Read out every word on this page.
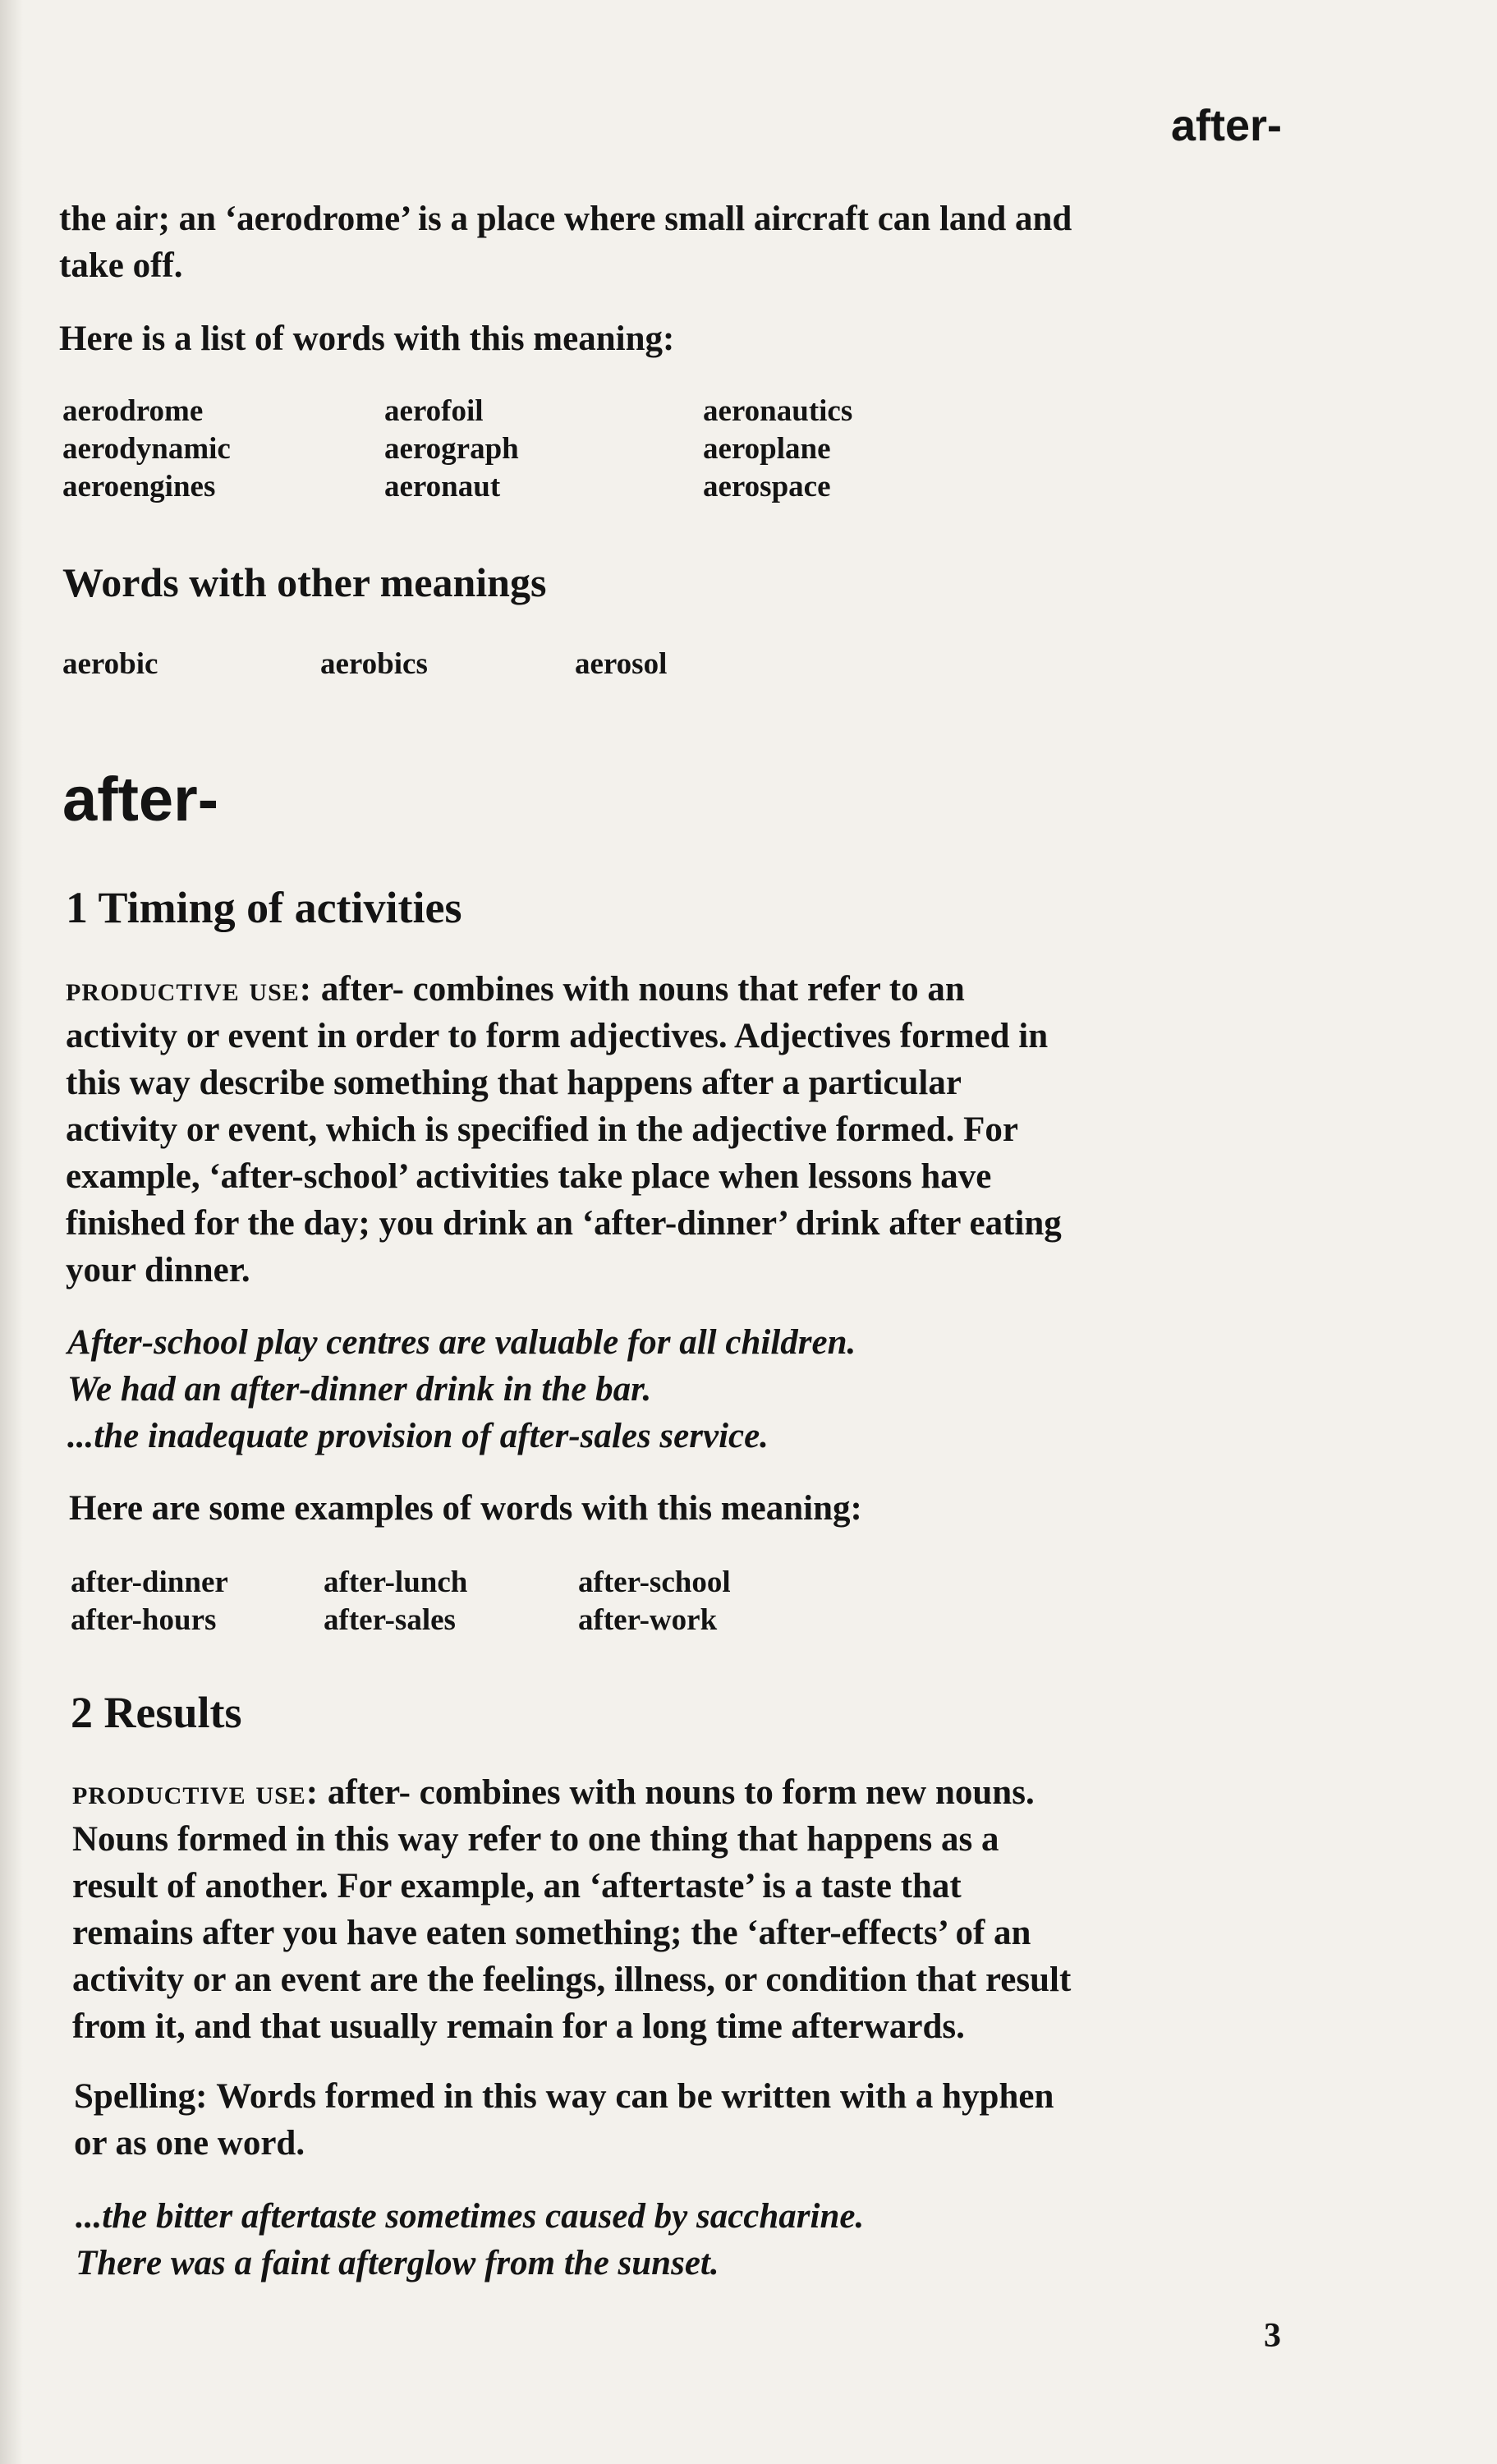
after-
the air; an ‘aerodrome’ is a place where small aircraft can land and
take off.
Here is a list of words with this meaning:
aerodrome
aerodynamic
aeroengines
aerofoil
aerograph
aeronaut
aeronautics
aeroplane
aerospace
Words with other meanings
aerobic	aerobics	aerosol
after-
1 Timing of activities
productive use: after- combines with nouns that refer to an
activity or event in order to form adjectives. Adjectives formed in
this way describe something that happens after a particular
activity or event, which is specified in the adjective formed. For
example, ‘after-school’ activities take place when lessons have
finished for the day; you drink an ‘after-dinner’ drink after eating
your dinner.
After-school play centres are valuable for all children.
We had an after-dinner drink in the bar.
...the inadequate provision of after-sales service.
Here are some examples of words with this meaning:
after-dinner
after-hours
after-lunch
after-sales
after-school
after-work
2 Results
productive use: after- combines with nouns to form new nouns.
Nouns formed in this way refer to one thing that happens as a
result of another. For example, an ‘aftertaste’ is a taste that
remains after you have eaten something; the ‘after-effects’ of an
activity or an event are the feelings, illness, or condition that result
from it, and that usually remain for a long time afterwards.
Spelling: Words formed in this way can be written with a hyphen
or as one word.
...the bitter aftertaste sometimes caused by saccharine.
There was a faint afterglow from the sunset.
3
